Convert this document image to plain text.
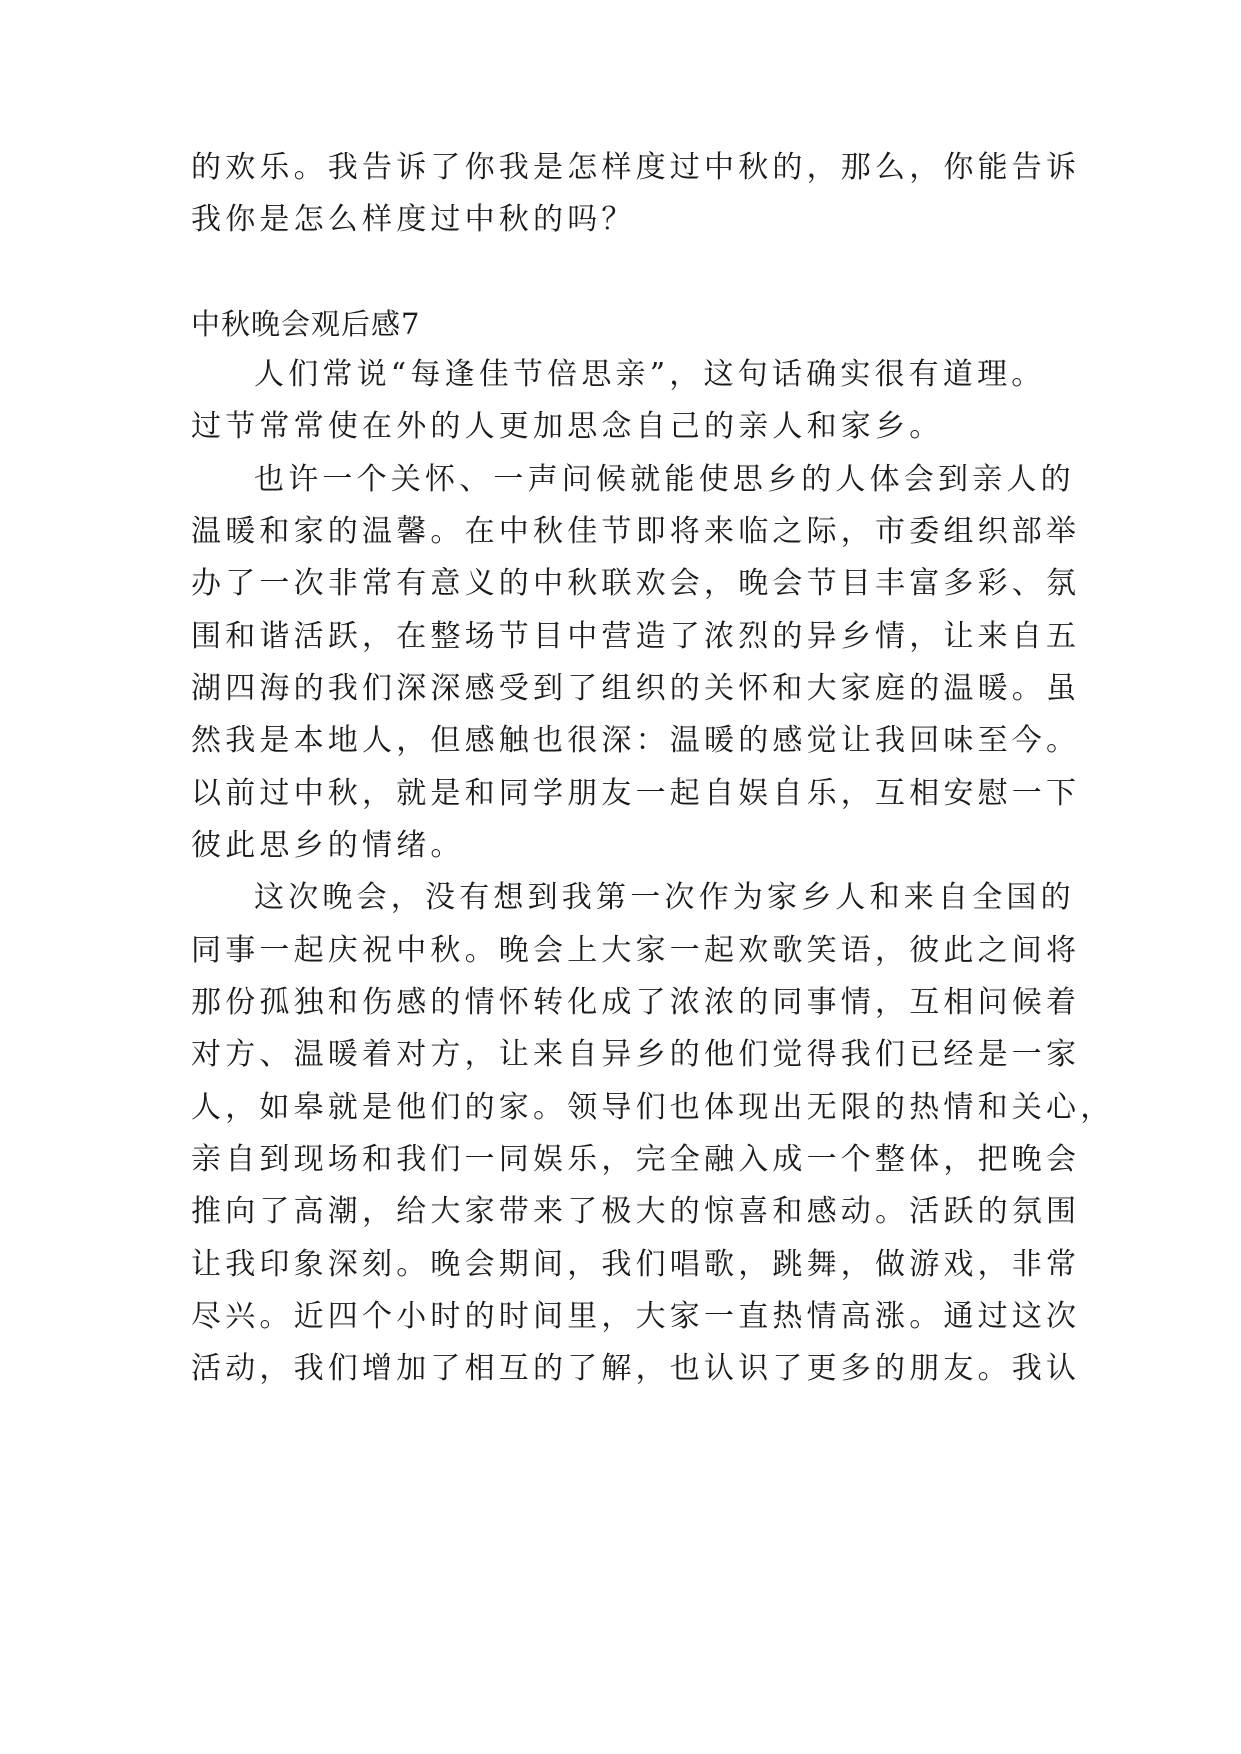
的欢乐。我告诉了你我是怎样度过中秋的，那么，你能告诉
我你是怎么样度过中秋的吗？
中秋晚会观后感7
人们常说“每逢佳节倍思亲”，这句话确实很有道理。
过节常常使在外的人更加思念自己的亲人和家乡。
也许一个关怀、一声问候就能使思乡的人体会到亲人的
温暖和家的温馨。在中秋佳节即将来临之际，市委组织部举
办了一次非常有意义的中秋联欢会，晚会节目丰富多彩、氛
围和谐活跃，在整场节目中营造了浓烈的异乡情，让来自五
湖四海的我们深深感受到了组织的关怀和大家庭的温暖。虽
然我是本地人，但感触也很深：温暖的感觉让我回味至今。
以前过中秋，就是和同学朋友一起自娱自乐，互相安慰一下
彼此思乡的情绪。
这次晚会，没有想到我第一次作为家乡人和来自全国的
同事一起庆祝中秋。晚会上大家一起欢歌笑语，彼此之间将
那份孤独和伤感的情怀转化成了浓浓的同事情，互相问候着
对方、温暖着对方，让来自异乡的他们觉得我们已经是一家
人，如皋就是他们的家。领导们也体现出无限的热情和关心，
亲自到现场和我们一同娱乐，完全融入成一个整体，把晚会
推向了高潮，给大家带来了极大的惊喜和感动。活跃的氛围
让我印象深刻。晚会期间，我们唱歌，跳舞，做游戏，非常
尽兴。近四个小时的时间里，大家一直热情高涨。通过这次
活动，我们增加了相互的了解，也认识了更多的朋友。我认
